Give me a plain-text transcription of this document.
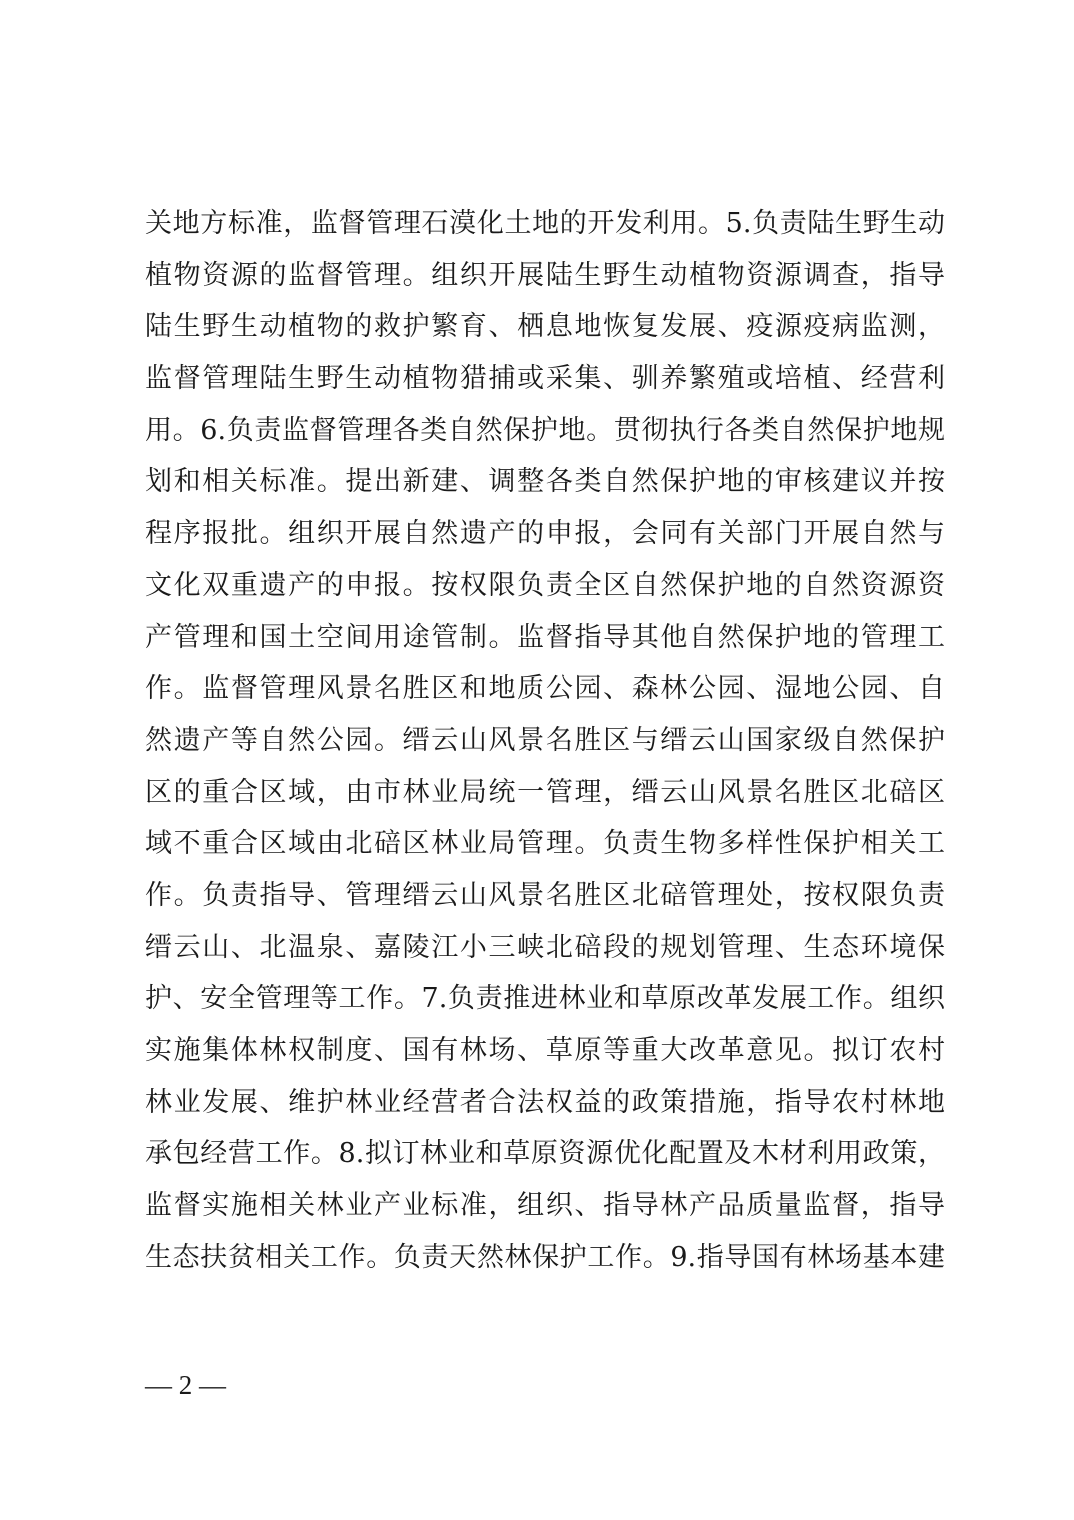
关地方标准，监督管理石漠化土地的开发利用。5.负责陆生野生动
植物资源的监督管理。组织开展陆生野生动植物资源调查，指导
陆生野生动植物的救护繁育、栖息地恢复发展、疫源疫病监测，
监督管理陆生野生动植物猎捕或采集、驯养繁殖或培植、经营利
用。6.负责监督管理各类自然保护地。贯彻执行各类自然保护地规
划和相关标准。提出新建、调整各类自然保护地的审核建议并按
程序报批。组织开展自然遗产的申报，会同有关部门开展自然与
文化双重遗产的申报。按权限负责全区自然保护地的自然资源资
产管理和国土空间用途管制。监督指导其他自然保护地的管理工
作。监督管理风景名胜区和地质公园、森林公园、湿地公园、自
然遗产等自然公园。缙云山风景名胜区与缙云山国家级自然保护
区的重合区域，由市林业局统一管理，缙云山风景名胜区北碚区
域不重合区域由北碚区林业局管理。负责生物多样性保护相关工
作。负责指导、管理缙云山风景名胜区北碚管理处，按权限负责
缙云山、北温泉、嘉陵江小三峡北碚段的规划管理、生态环境保
护、安全管理等工作。7.负责推进林业和草原改革发展工作。组织
实施集体林权制度、国有林场、草原等重大改革意见。拟订农村
林业发展、维护林业经营者合法权益的政策措施，指导农村林地
承包经营工作。8.拟订林业和草原资源优化配置及木材利用政策，
监督实施相关林业产业标准，组织、指导林产品质量监督，指导
生态扶贫相关工作。负责天然林保护工作。9.指导国有林场基本建
— 2 —
